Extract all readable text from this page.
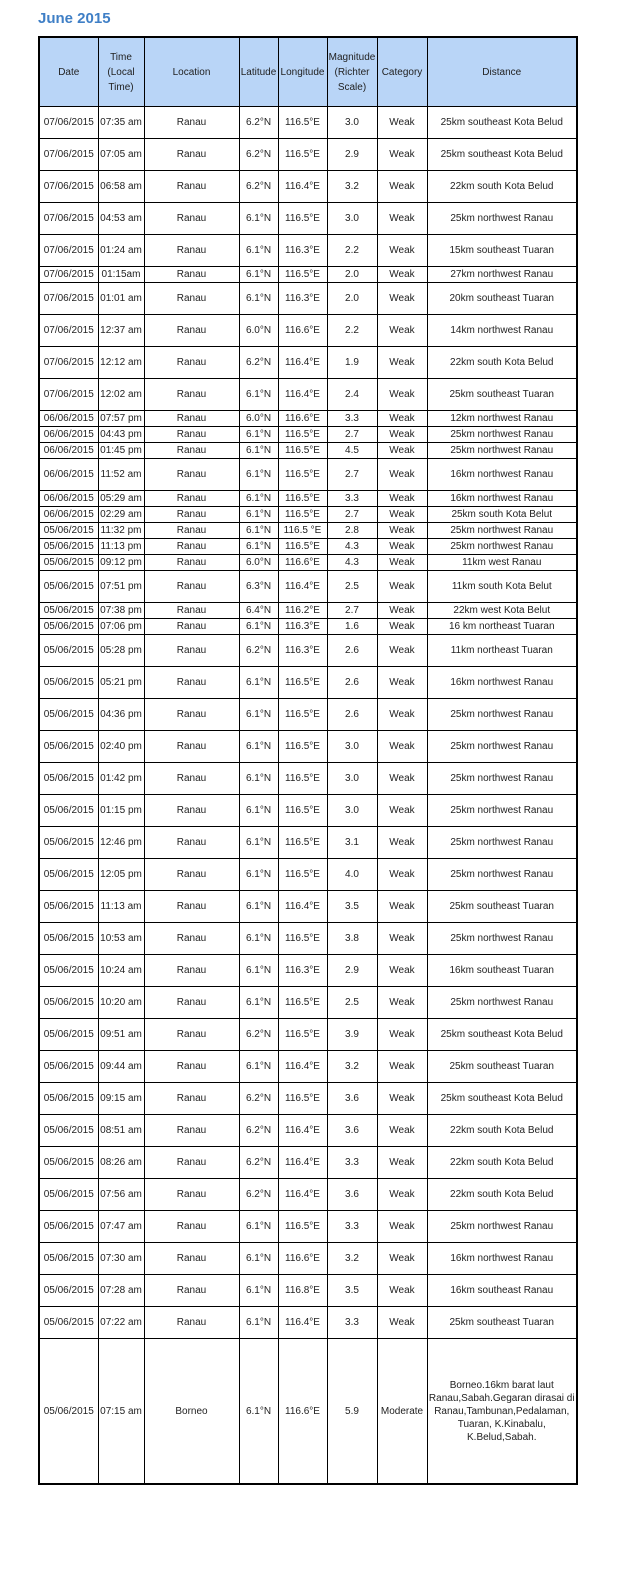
June 2015
Date	Time (Local Time)	Location	Latitude	Longitude	Magnitude (Richter Scale)	Category	Distance
07/06/2015	07:35 am	Ranau	6.2°N	116.5°E	3.0	Weak	25km southeast Kota Belud
07/06/2015	07:05 am	Ranau	6.2°N	116.5°E	2.9	Weak	25km southeast Kota Belud
07/06/2015	06:58 am	Ranau	6.2°N	116.4°E	3.2	Weak	22km south Kota Belud
07/06/2015	04:53 am	Ranau	6.1°N	116.5°E	3.0	Weak	25km northwest Ranau
07/06/2015	01:24 am	Ranau	6.1°N	116.3°E	2.2	Weak	15km southeast Tuaran
07/06/2015	01:15am	Ranau	6.1°N	116.5°E	2.0	Weak	27km northwest Ranau
07/06/2015	01:01 am	Ranau	6.1°N	116.3°E	2.0	Weak	20km southeast Tuaran
07/06/2015	12:37 am	Ranau	6.0°N	116.6°E	2.2	Weak	14km northwest Ranau
07/06/2015	12:12 am	Ranau	6.2°N	116.4°E	1.9	Weak	22km south Kota Belud
07/06/2015	12:02 am	Ranau	6.1°N	116.4°E	2.4	Weak	25km southeast Tuaran
06/06/2015	07:57 pm	Ranau	6.0°N	116.6°E	3.3	Weak	12km northwest Ranau
06/06/2015	04:43 pm	Ranau	6.1°N	116.5°E	2.7	Weak	25km northwest Ranau
06/06/2015	01:45 pm	Ranau	6.1°N	116.5°E	4.5	Weak	25km northwest Ranau
06/06/2015	11:52 am	Ranau	6.1°N	116.5°E	2.7	Weak	16km northwest Ranau
06/06/2015	05:29 am	Ranau	6.1°N	116.5°E	3.3	Weak	16km northwest Ranau
06/06/2015	02:29 am	Ranau	6.1°N	116.5°E	2.7	Weak	25km south Kota Belut
05/06/2015	11:32 pm	Ranau	6.1°N	116.5 °E	2.8	Weak	25km northwest Ranau
05/06/2015	11:13 pm	Ranau	6.1°N	116.5°E	4.3	Weak	25km northwest Ranau
05/06/2015	09:12 pm	Ranau	6.0°N	116.6°E	4.3	Weak	11km west Ranau
05/06/2015	07:51 pm	Ranau	6.3°N	116.4°E	2.5	Weak	11km south Kota Belut
05/06/2015	07:38 pm	Ranau	6.4°N	116.2°E	2.7	Weak	22km west Kota Belut
05/06/2015	07:06 pm	Ranau	6.1°N	116.3°E	1.6	Weak	16 km northeast Tuaran
05/06/2015	05:28 pm	Ranau	6.2°N	116.3°E	2.6	Weak	11km northeast Tuaran
05/06/2015	05:21 pm	Ranau	6.1°N	116.5°E	2.6	Weak	16km northwest Ranau
05/06/2015	04:36 pm	Ranau	6.1°N	116.5°E	2.6	Weak	25km northwest Ranau
05/06/2015	02:40 pm	Ranau	6.1°N	116.5°E	3.0	Weak	25km northwest Ranau
05/06/2015	01:42 pm	Ranau	6.1°N	116.5°E	3.0	Weak	25km northwest Ranau
05/06/2015	01:15 pm	Ranau	6.1°N	116.5°E	3.0	Weak	25km northwest Ranau
05/06/2015	12:46 pm	Ranau	6.1°N	116.5°E	3.1	Weak	25km northwest Ranau
05/06/2015	12:05 pm	Ranau	6.1°N	116.5°E	4.0	Weak	25km northwest Ranau
05/06/2015	11:13 am	Ranau	6.1°N	116.4°E	3.5	Weak	25km southeast Tuaran
05/06/2015	10:53 am	Ranau	6.1°N	116.5°E	3.8	Weak	25km northwest Ranau
05/06/2015	10:24 am	Ranau	6.1°N	116.3°E	2.9	Weak	16km southeast Tuaran
05/06/2015	10:20 am	Ranau	6.1°N	116.5°E	2.5	Weak	25km northwest Ranau
05/06/2015	09:51 am	Ranau	6.2°N	116.5°E	3.9	Weak	25km southeast Kota Belud
05/06/2015	09:44 am	Ranau	6.1°N	116.4°E	3.2	Weak	25km southeast Tuaran
05/06/2015	09:15 am	Ranau	6.2°N	116.5°E	3.6	Weak	25km southeast Kota Belud
05/06/2015	08:51 am	Ranau	6.2°N	116.4°E	3.6	Weak	22km south Kota Belud
05/06/2015	08:26 am	Ranau	6.2°N	116.4°E	3.3	Weak	22km south Kota Belud
05/06/2015	07:56 am	Ranau	6.2°N	116.4°E	3.6	Weak	22km south Kota Belud
05/06/2015	07:47 am	Ranau	6.1°N	116.5°E	3.3	Weak	25km northwest Ranau
05/06/2015	07:30 am	Ranau	6.1°N	116.6°E	3.2	Weak	16km northwest Ranau
05/06/2015	07:28 am	Ranau	6.1°N	116.8°E	3.5	Weak	16km southeast Ranau
05/06/2015	07:22 am	Ranau	6.1°N	116.4°E	3.3	Weak	25km southeast Tuaran
05/06/2015	07:15 am	Borneo	6.1°N	116.6°E	5.9	Moderate	Borneo.16km barat laut Ranau,Sabah.Gegaran dirasai di Ranau,Tambunan,Pedalaman, Tuaran, K.Kinabalu, K.Belud,Sabah.
